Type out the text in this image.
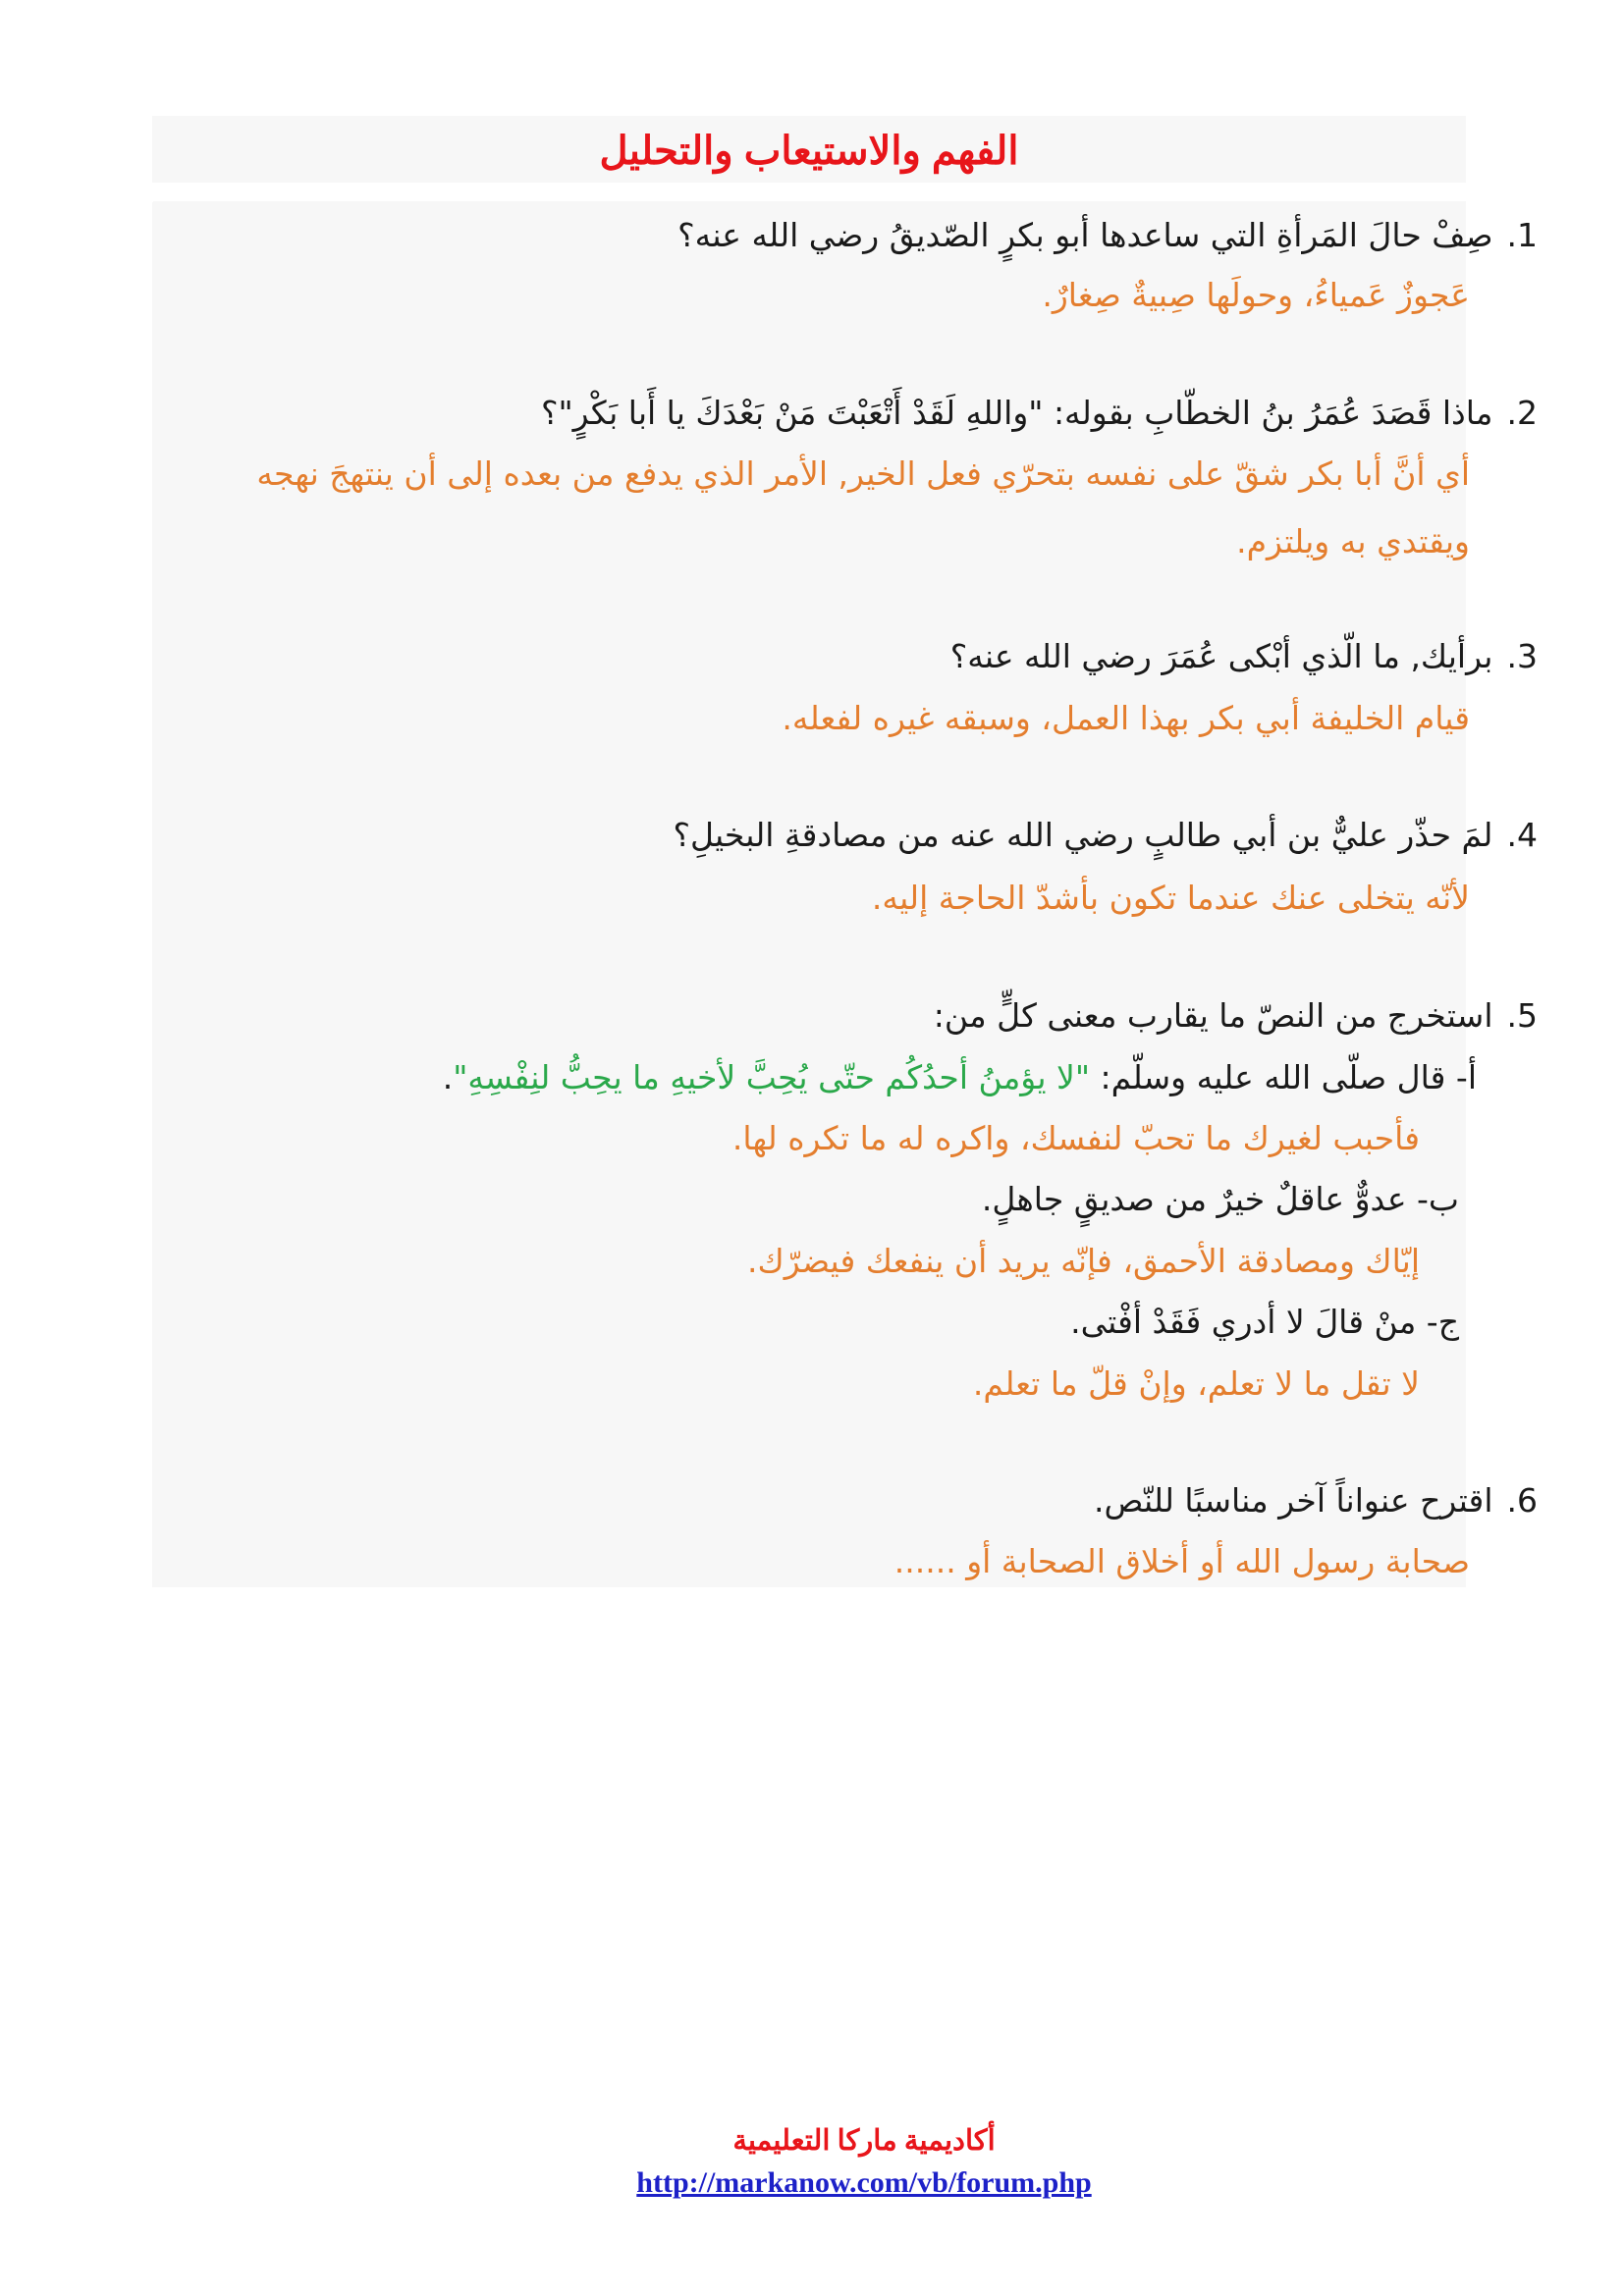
الفهم والاستيعاب والتحليل
1.صِفْ حالَ المَرأةِ التي ساعدها أبو بكرٍ الصّديقُ رضي الله عنه؟
عَجوزٌ عَمياءُ، وحولَها صِبيةٌ صِغارٌ.
2.ماذا قَصَدَ عُمَرُ بنُ الخطّابِ بقوله: "واللهِ لَقَدْ أَتْعَبْتَ مَنْ بَعْدَكَ يا أَبا بَكْرٍ"؟
أي أنَّ أبا بكر شقّ على نفسه بتحرّي فعل الخير, الأمر الذي يدفع من بعده إلى أن ينتهجَ نهجه
ويقتدي به ويلتزم.
3.برأيك, ما الّذي أبْكى عُمَرَ رضي الله عنه؟
قيام الخليفة أبي بكر بهذا العمل، وسبقه غيره لفعله.
4.لمَ حذّر عليٌّ بن أبي طالبٍ رضي الله عنه من مصادقةِ البخيلِ؟
لأنّه يتخلى عنك عندما تكون بأشدّ الحاجة إليه.
5.استخرج من النصّ ما يقارب معنى كلٍّ من:
أ- قال صلّى الله عليه وسلّم: "لا يؤمنُ أحدُكُم حتّى يُحِبَّ لأخيهِ ما يحِبُّ لنِفْسِهِ".
فأحبب لغيرك ما تحبّ لنفسك، واكره له ما تكره لها.
ب- عدوٌّ عاقلٌ خيرٌ من صديقٍ جاهلٍ.
إيّاك ومصادقة الأحمق، فإنّه يريد أن ينفعك فيضرّك.
ج- منْ قالَ لا أدري فَقَدْ أفْتى.
لا تقل ما لا تعلم، وإنْ قلّ ما تعلم.
6.اقترح عنواناً آخر مناسبًا للنّص.
صحابة رسول الله أو أخلاق الصحابة أو ......

أكاديمية ماركا التعليمية

http://markanow.com/vb/forum.php
